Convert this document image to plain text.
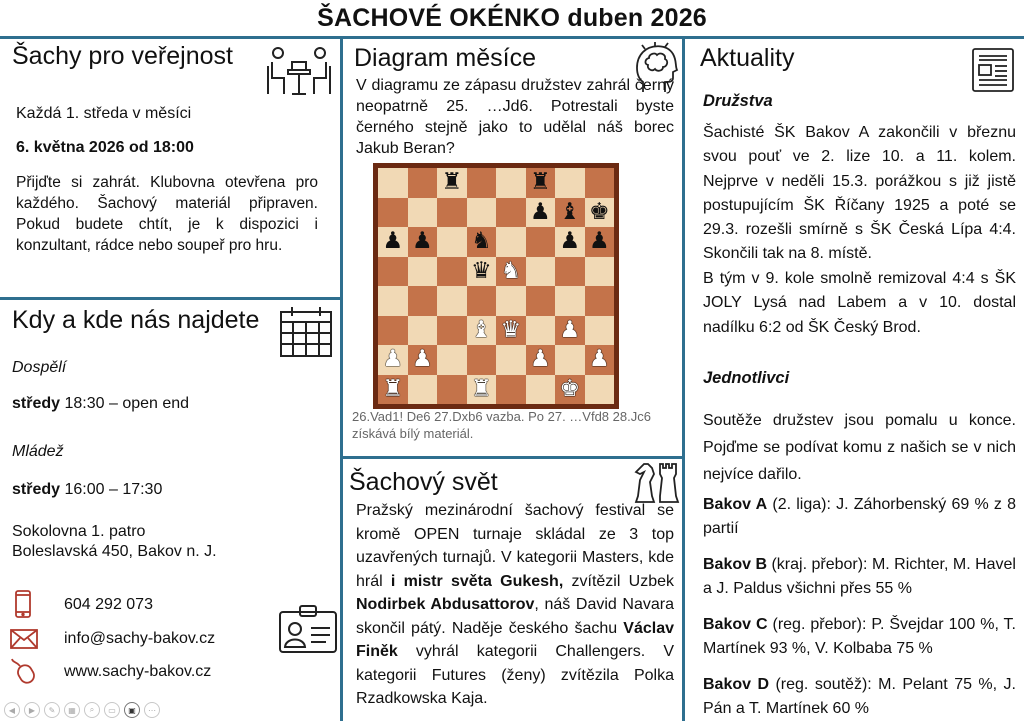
ŠACHOVÉ OKÉNKO duben 2026
Šachy pro veřejnost
Každá 1. středa v měsíci
6. května 2026 od 18:00
Přijďte si zahrát. Klubovna otevřena pro každého. Šachový materiál připraven. Pokud budete chtít, je k dispozici i konzultant, rádce nebo soupeř pro hru.
Kdy a kde nás najdete
Dospělí
středy 18:30 – open end
Mládež
středy 16:00 – 17:30
Sokolovna 1. patro
Boleslavská 450, Bakov n. J.
604 292 073
info@sachy-bakov.cz
www.sachy-bakov.cz
◀	▶	✎	▦	⌕	▭	▣	⋯
Diagram měsíce
V diagramu ze zápasu družstev zahrál černý neopatrně 25. …Jd6. Potrestali byste černého stejně jako to udělal náš borec Jakub Beran?
♜	♜
♟ ♝ ♚
♟ ♟ ♞	♟ ♟
♛ ♞
♝ ♛ ♟
♟ ♟	♟ ♟
♜	♜	♚
26.Vad1! De6 27.Dxb6 vazba. Po 27. …Vfd8 28.Jc6 získává bílý materiál.
Šachový svět
Pražský mezinárodní šachový festival se kromě OPEN turnaje skládal ze 3 top uzavřených turnajů. V kategorii Masters, kde hrál i mistr světa Gukesh, zvítězil Uzbek Nodirbek Abdusattorov, náš David Navara skončil pátý. Naděje českého šachu Václav Finěk vyhrál kategorii Challengers. V kategorii Futures (ženy) zvítězila Polka Rzadkowska Kaja.
Aktuality
Družstva
Šachisté ŠK Bakov A zakončili v březnu svou pouť ve 2. lize 10. a 11. kolem. Nejprve v neděli 15.3. porážkou s již jistě postupujícím ŠK Říčany 1925 a poté se 29.3. rozešli smírně s ŠK Česká Lípa 4:4. Skončili tak na 8. místě.
B tým v 9. kole smolně remizoval 4:4 s ŠK JOLY Lysá nad Labem a v 10. dostal nadílku 6:2 od ŠK Český Brod.
Jednotlivci
Soutěže družstev jsou pomalu u konce. Pojďme se podívat komu z našich se v nich nejvíce dařilo.
Bakov A (2. liga): J. Záhorbenský 69 % z 8 partií
Bakov B (kraj. přebor): M. Richter, M. Havel a J. Paldus všichni přes 55 %
Bakov C (reg. přebor): P. Švejdar 100 %, T. Martínek 93 %, V. Kolbaba 75 %
Bakov D (reg. soutěž): M. Pelant 75 %, J. Pán a T. Martínek 60 %
